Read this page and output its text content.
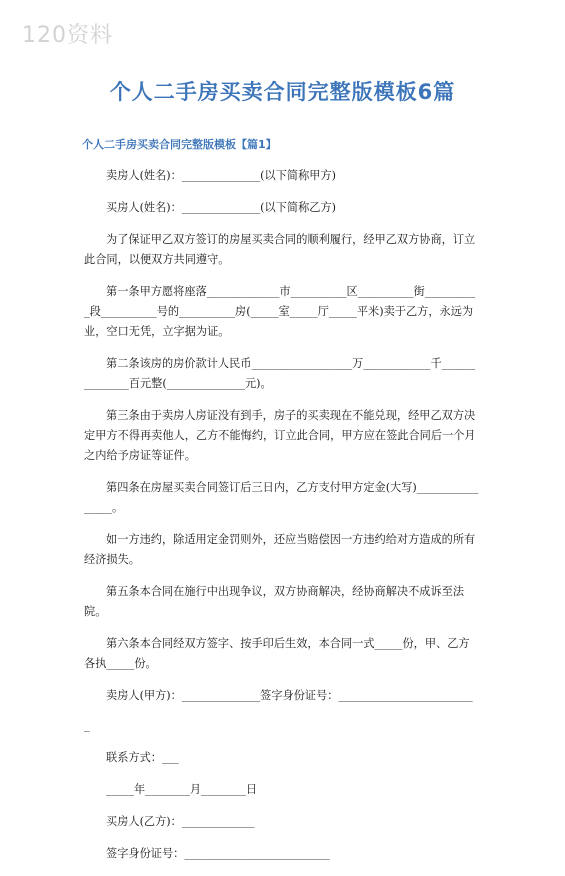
120资料
个人二手房买卖合同完整版模板6篇
个人二手房买卖合同完整版模板【篇1】

卖房人(姓名)：______________(以下简称甲方)

买房人(姓名)：______________(以下简称乙方)

为了保证甲乙双方签订的房屋买卖合同的顺利履行，经甲乙双方协商，订立此合同，以便双方共同遵守。

第一条甲方愿将座落_____________市__________区__________街__________段__________号的__________房(_____室_____厅_____平米)卖于乙方，永远为业，空口无凭，立字据为证。

第二条该房的房价款计人民币__________________万____________千______________百元整(______________元)。

第三条由于卖房人房证没有到手，房子的买卖现在不能兑现，经甲乙双方决定甲方不得再卖他人，乙方不能悔约，订立此合同，甲方应在签此合同后一个月之内给予房证等证件。

第四条在房屋买卖合同签订后三日内，乙方支付甲方定金(大写)________________。

如一方违约，除适用定金罚则外，还应当赔偿因一方违约给对方造成的所有经济损失。

第五条本合同在施行中出现争议，双方协商解决，经协商解决不成诉至法院。

第六条本合同经双方签字、按手印后生效，本合同一式_____份，甲、乙方各执_____份。

卖房人(甲方)：______________签字身份证号：________________________

_

联系方式：___

_____年________月________日

买房人(乙方)：_____________

签字身份证号：__________________________
